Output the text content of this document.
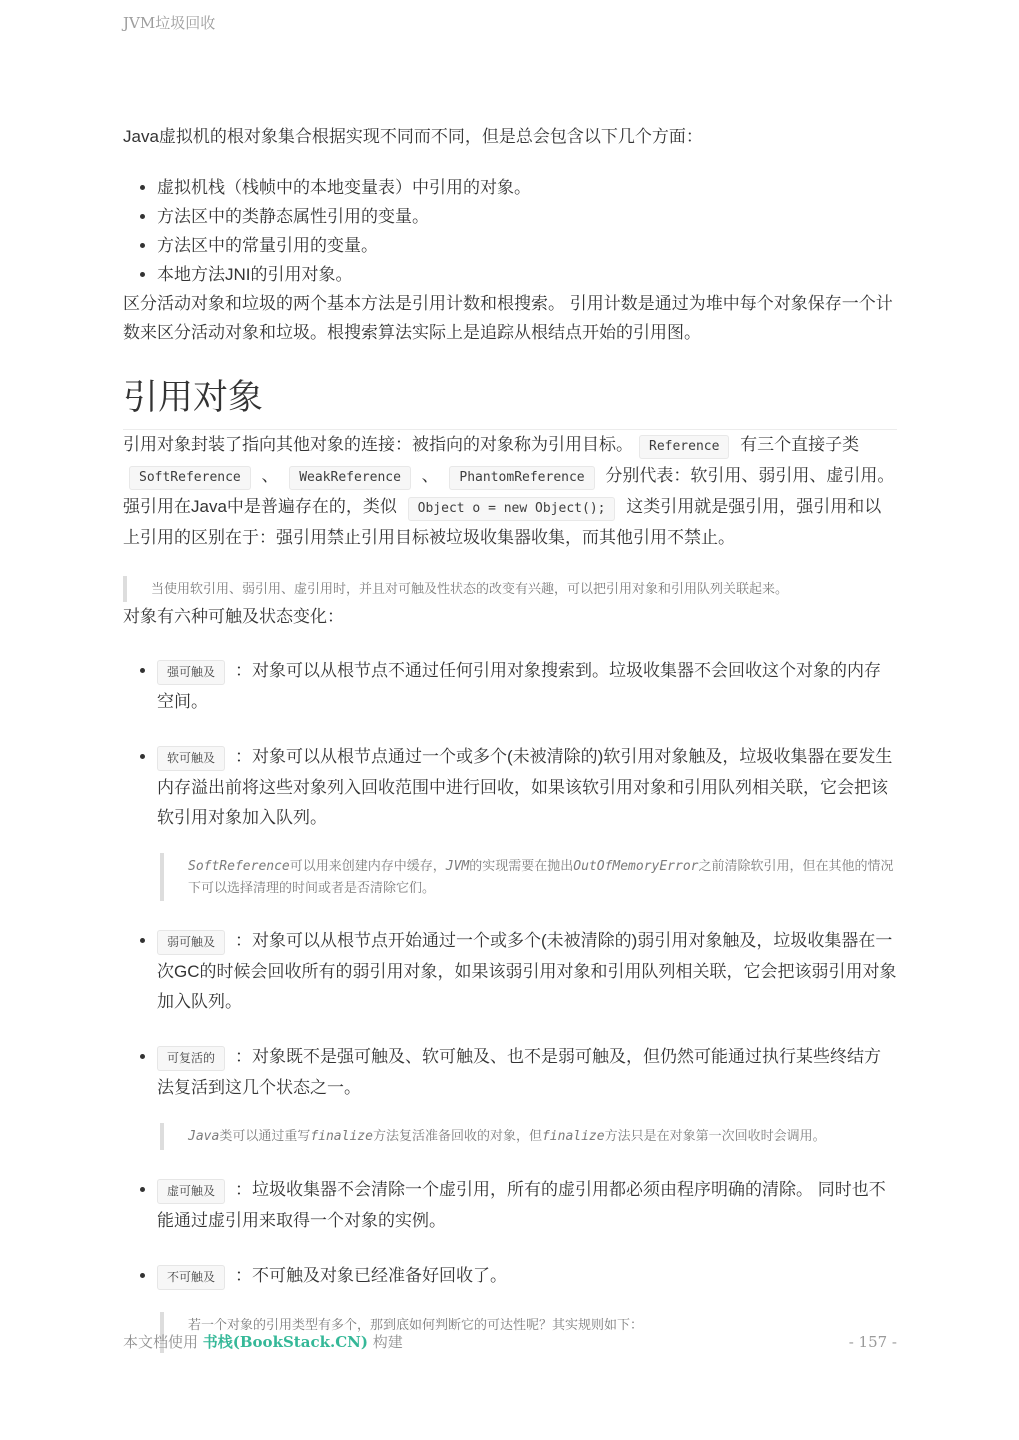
JVM垃圾回收

Java虚拟机的根对象集合根据实现不同而不同，但是总会包含以下几个方面：

• 虚拟机栈（栈帧中的本地变量表）中引用的对象。
• 方法区中的类静态属性引用的变量。
• 方法区中的常量引用的变量。
• 本地方法JNI的引用对象。

区分活动对象和垃圾的两个基本方法是引用计数和根搜索。 引用计数是通过为堆中每个对象保存一个计数来区分活动对象和垃圾。根搜索算法实际上是追踪从根结点开始的引用图。

引用对象

引用对象封装了指向其他对象的连接：被指向的对象称为引用目标。 Reference 有三个直接子类 SoftReference 、 WeakReference 、 PhantomReference 分别代表：软引用、弱引用、虚引用。强引用在Java中是普遍存在的，类似 Object o = new Object(); 这类引用就是强引用，强引用和以上引用的区别在于：强引用禁止引用目标被垃圾收集器收集，而其他引用不禁止。

当使用软引用、弱引用、虚引用时，并且对可触及性状态的改变有兴趣，可以把引用对象和引用队列关联起来。

对象有六种可触及状态变化：

• 强可触及 ：对象可以从根节点不通过任何引用对象搜索到。垃圾收集器不会回收这个对象的内存空间。
• 软可触及 ：对象可以从根节点通过一个或多个(未被清除的)软引用对象触及，垃圾收集器在要发生内存溢出前将这些对象列入回收范围中进行回收，如果该软引用对象和引用队列相关联，它会把该软引用对象加入队列。
SoftReference可以用来创建内存中缓存，JVM的实现需要在抛出OutOfMemoryError之前清除软引用，但在其他的情况下可以选择清理的时间或者是否清除它们。
• 弱可触及 ：对象可以从根节点开始通过一个或多个(未被清除的)弱引用对象触及，垃圾收集器在一次GC的时候会回收所有的弱引用对象，如果该弱引用对象和引用队列相关联，它会把该弱引用对象加入队列。
• 可复活的 ：对象既不是强可触及、软可触及、也不是弱可触及，但仍然可能通过执行某些终结方法复活到这几个状态之一。
Java类可以通过重写finalize方法复活准备回收的对象，但finalize方法只是在对象第一次回收时会调用。
• 虚可触及 ：垃圾收集器不会清除一个虚引用，所有的虚引用都必须由程序明确的清除。 同时也不能通过虚引用来取得一个对象的实例。
• 不可触及 ：不可触及对象已经准备好回收了。
若一个对象的引用类型有多个，那到底如何判断它的可达性呢？其实规则如下：
本文档使用 书栈(BookStack.CN) 构建	- 157 -
